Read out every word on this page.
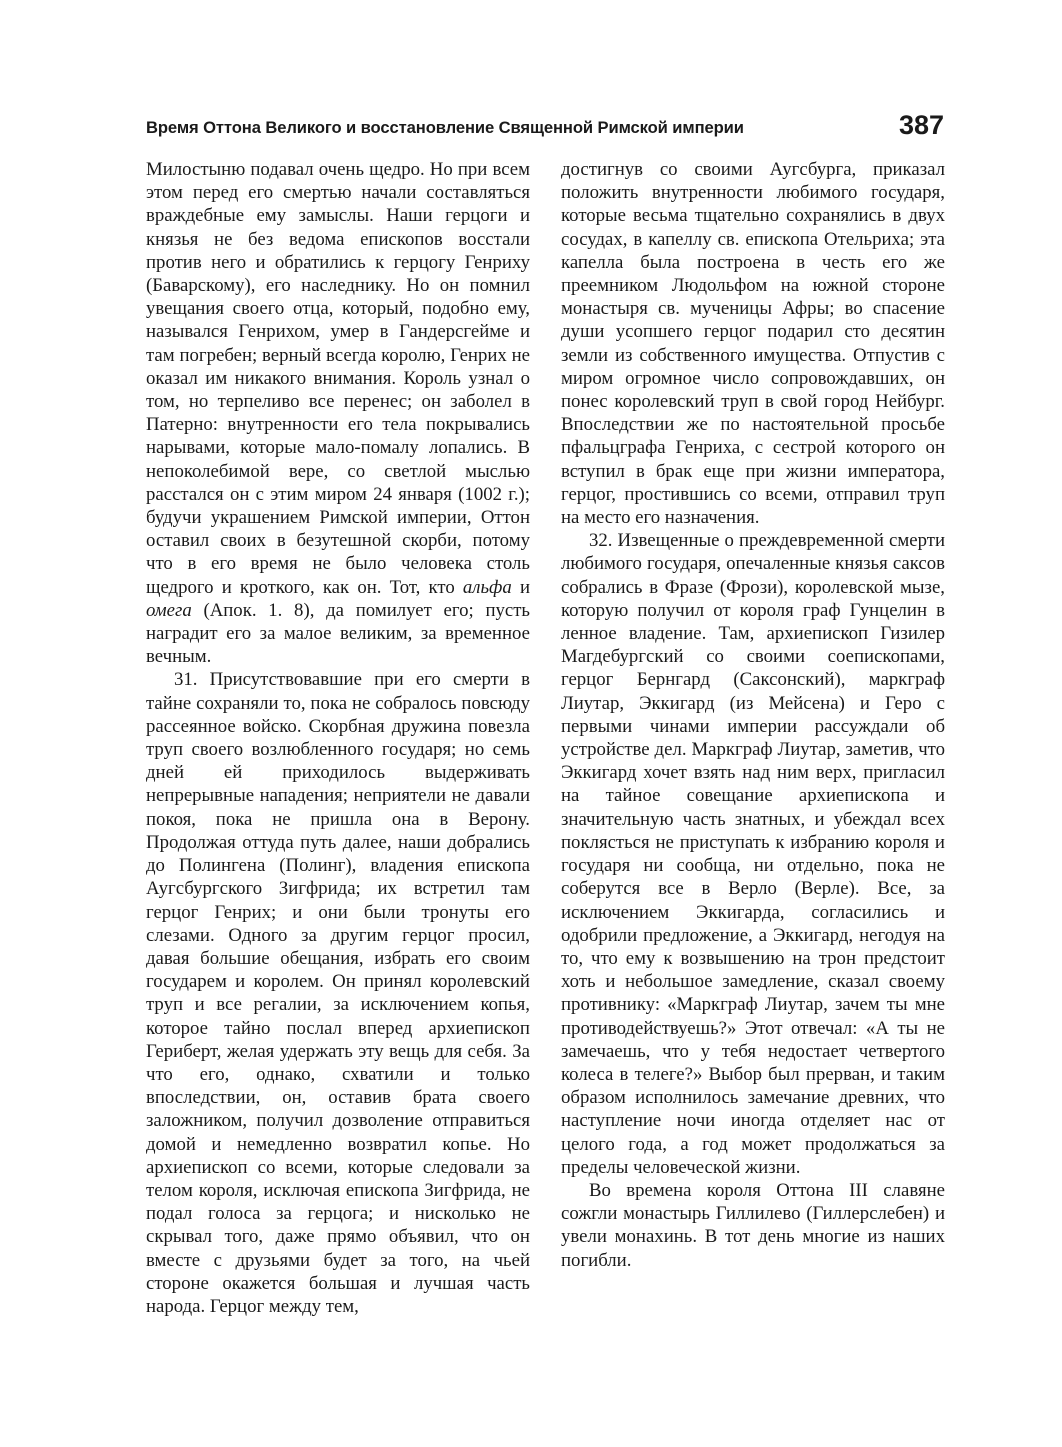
Время Оттона Великого и восстановление Священной Римской империи	387

Милостыню подавал очень щедро. Но при всем этом перед его смертью начали составляться враждебные ему замыслы. Наши герцоги и князья не без ведома епископов восстали против него и обратились к герцогу Генриху (Баварскому), его наследнику. Но он помнил увещания своего отца, который, подобно ему, назывался Генрихом, умер в Гандерсгейме и там погребен; верный всегда королю, Генрих не оказал им никакого внимания. Король узнал о том, но терпеливо все перенес; он заболел в Патерно: внутренности его тела покрывались нарывами, которые мало-помалу лопались. В непоколебимой вере, со светлой мыслью расстался он с этим миром 24 января (1002 г.); будучи украшением Римской империи, Оттон оставил своих в безутешной скорби, потому что в его время не было человека столь щедрого и кроткого, как он. Тот, кто альфа и омега (Апок. 1. 8), да помилует его; пусть наградит его за малое великим, за временное вечным.

31. Присутствовавшие при его смерти в тайне сохраняли то, пока не собралось повсюду рассеянное войско. Скорбная дружина повезла труп своего возлюбленного государя; но семь дней ей приходилось выдерживать непрерывные нападения; неприятели не давали покоя, пока не пришла она в Верону. Продолжая оттуда путь далее, наши добрались до Полингена (Полинг), владения епископа Аугсбургского Зигфрида; их встретил там герцог Генрих; и они были тронуты его слезами. Одного за другим герцог просил, давая большие обещания, избрать его своим государем и королем. Он принял королевский труп и все регалии, за исключением копья, которое тайно послал вперед архиепископ Гериберт, желая удержать эту вещь для себя. За что его, однако, схватили и только впоследствии, он, оставив брата своего заложником, получил дозволение отправиться домой и немедленно возвратил копье. Но архиепископ со всеми, которые следовали за телом короля, исключая епископа Зигфрида, не подал голоса за герцога; и нисколько не скрывал того, даже прямо объявил, что он вместе с друзьями будет за того, на чьей стороне окажется большая и лучшая часть народа. Герцог между тем,

достигнув со своими Аугсбурга, приказал положить внутренности любимого государя, которые весьма тщательно сохранялись в двух сосудах, в капеллу св. епископа Отельриха; эта капелла была построена в честь его же преемником Людольфом на южной стороне монастыря св. мученицы Афры; во спасение души усопшего герцог подарил сто десятин земли из собственного имущества. Отпустив с миром огромное число сопровождавших, он понес королевский труп в свой город Нейбург. Впоследствии же по настоятельной просьбе пфальцграфа Генриха, с сестрой которого он вступил в брак еще при жизни императора, герцог, простившись со всеми, отправил труп на место его назначения.

32. Извещенные о преждевременной смерти любимого государя, опечаленные князья саксов собрались в Фразе (Фрози), королевской мызе, которую получил от короля граф Гунцелин в ленное владение. Там, архиепископ Гизилер Магдебургский со своими соепископами, герцог Бернгард (Саксонский), маркграф Лиутар, Эккигард (из Мейсена) и Геро с первыми чинами империи рассуждали об устройстве дел. Маркграф Лиутар, заметив, что Эккигард хочет взять над ним верх, пригласил на тайное совещание архиепископа и значительную часть знатных, и убеждал всех поклясться не приступать к избранию короля и государя ни сообща, ни отдельно, пока не соберутся все в Верло (Верле). Все, за исключением Эккигарда, согласились и одобрили предложение, а Эккигард, негодуя на то, что ему к возвышению на трон предстоит хоть и небольшое замедление, сказал своему противнику: «Маркграф Лиутар, зачем ты мне противодействуешь?» Этот отвечал: «А ты не замечаешь, что у тебя недостает четвертого колеса в телеге?» Выбор был прерван, и таким образом исполнилось замечание древних, что наступление ночи иногда отделяет нас от целого года, а год может продолжаться за пределы человеческой жизни.

Во времена короля Оттона III славяне сожгли монастырь Гиллилево (Гиллерслебен) и увели монахинь. В тот день многие из наших погибли.
